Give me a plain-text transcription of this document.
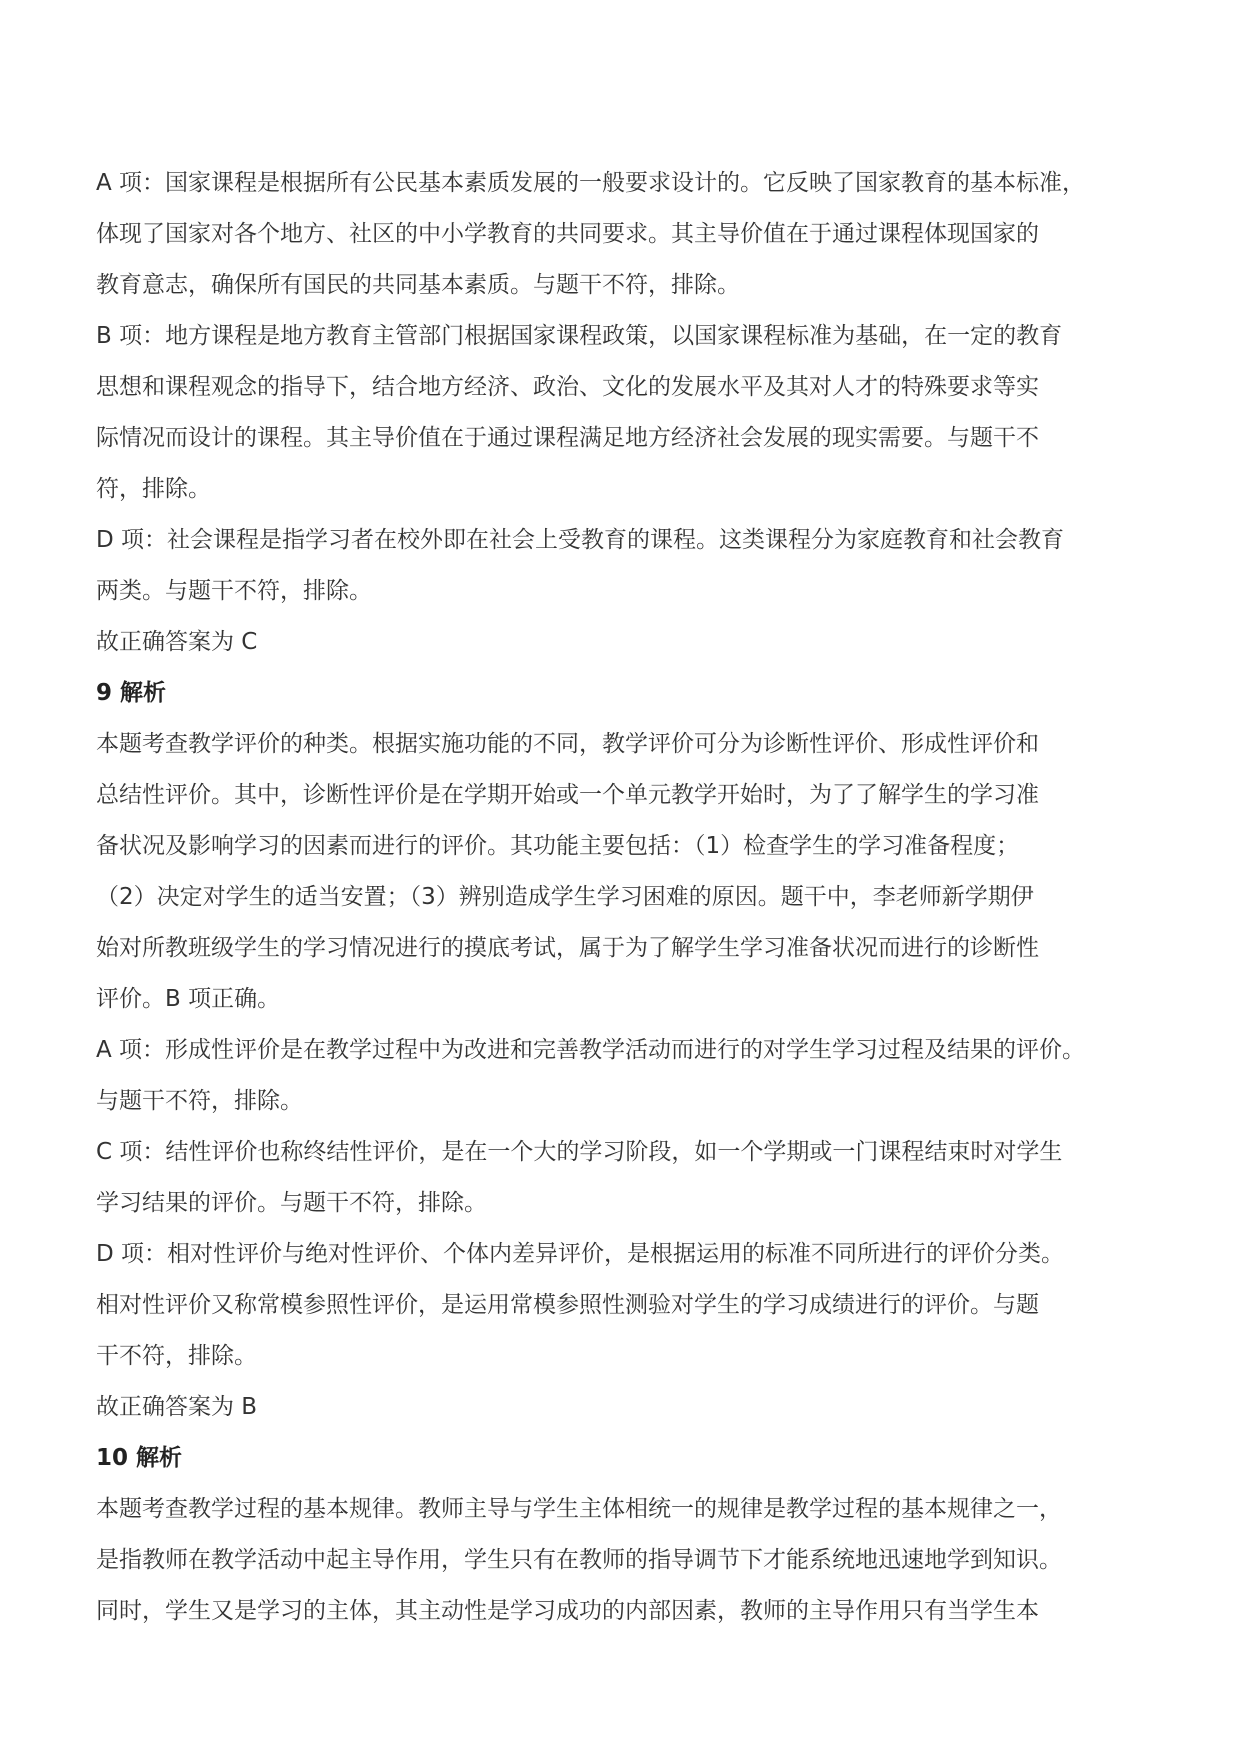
A 项：国家课程是根据所有公民基本素质发展的一般要求设计的。它反映了国家教育的基本标准，
体现了国家对各个地方、社区的中小学教育的共同要求。其主导价值在于通过课程体现国家的
教育意志，确保所有国民的共同基本素质。与题干不符，排除。
B 项：地方课程是地方教育主管部门根据国家课程政策，以国家课程标准为基础，在一定的教育
思想和课程观念的指导下，结合地方经济、政治、文化的发展水平及其对人才的特殊要求等实
际情况而设计的课程。其主导价值在于通过课程满足地方经济社会发展的现实需要。与题干不
符，排除。
D 项：社会课程是指学习者在校外即在社会上受教育的课程。这类课程分为家庭教育和社会教育
两类。与题干不符，排除。
故正确答案为 C
9 解析
本题考查教学评价的种类。根据实施功能的不同，教学评价可分为诊断性评价、形成性评价和
总结性评价。其中，诊断性评价是在学期开始或一个单元教学开始时，为了了解学生的学习准
备状况及影响学习的因素而进行的评价。其功能主要包括：（1）检查学生的学习准备程度；
（2）决定对学生的适当安置；（3）辨别造成学生学习困难的原因。题干中，李老师新学期伊
始对所教班级学生的学习情况进行的摸底考试，属于为了解学生学习准备状况而进行的诊断性
评价。B 项正确。
A 项：形成性评价是在教学过程中为改进和完善教学活动而进行的对学生学习过程及结果的评价。
与题干不符，排除。
C 项：结性评价也称终结性评价，是在一个大的学习阶段，如一个学期或一门课程结束时对学生
学习结果的评价。与题干不符，排除。
D 项：相对性评价与绝对性评价、个体内差异评价，是根据运用的标准不同所进行的评价分类。
相对性评价又称常模参照性评价，是运用常模参照性测验对学生的学习成绩进行的评价。与题
干不符，排除。
故正确答案为 B
10 解析
本题考查教学过程的基本规律。教师主导与学生主体相统一的规律是教学过程的基本规律之一，
是指教师在教学活动中起主导作用，学生只有在教师的指导调节下才能系统地迅速地学到知识。
同时，学生又是学习的主体，其主动性是学习成功的内部因素，教师的主导作用只有当学生本
